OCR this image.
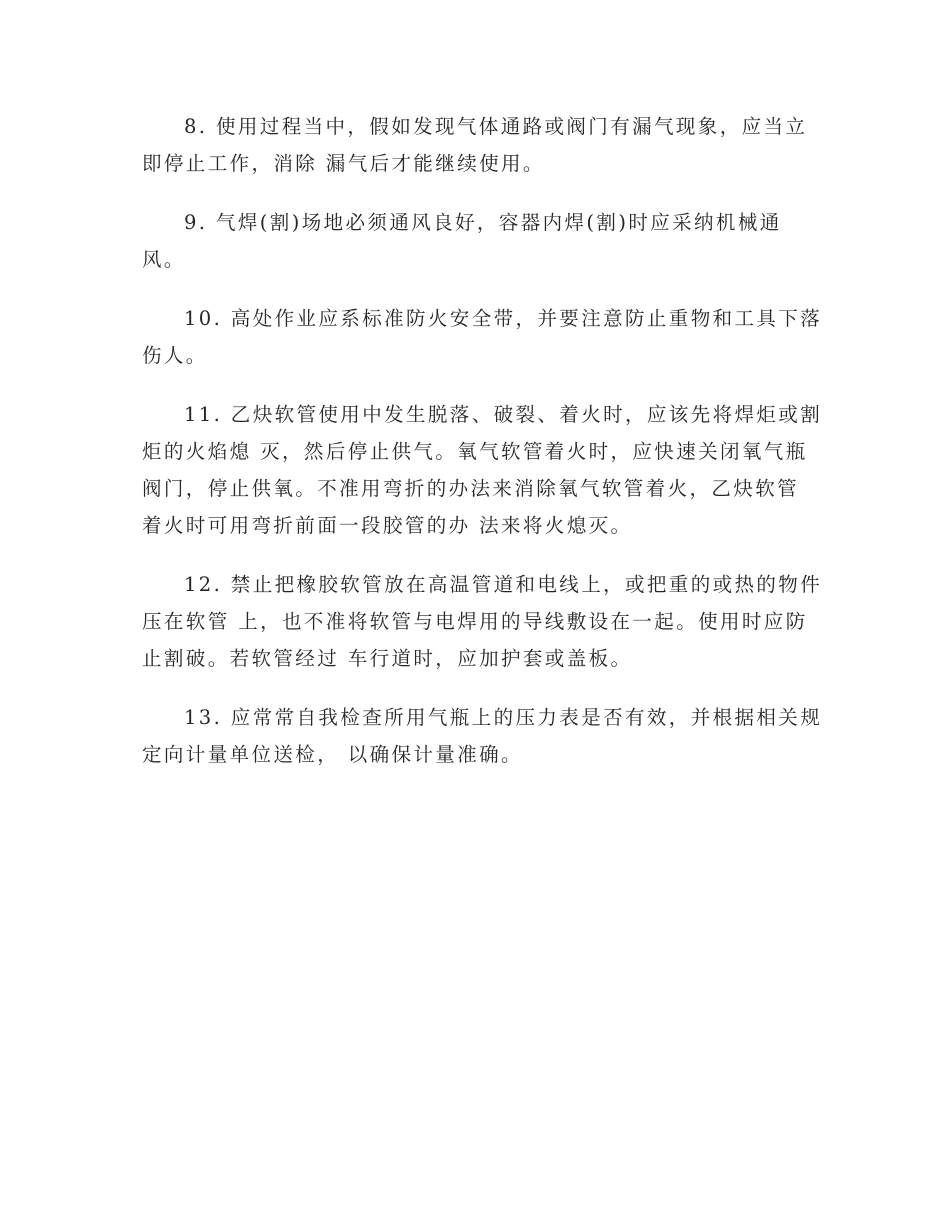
8. 使用过程当中，假如发现气体通路或阀门有漏气现象，应当立
即停止工作，消除 漏气后才能继续使用。

9. 气焊(割)场地必须通风良好，容器内焊(割)时应采纳机械通
风。

10. 高处作业应系标准防火安全带，并要注意防止重物和工具下落
伤人。

11. 乙炔软管使用中发生脱落、破裂、着火时，应该先将焊炬或割
炬的火焰熄 灭，然后停止供气。氧气软管着火时，应快速关闭氧气瓶
阀门，停止供氧。不准用弯折的办法来消除氧气软管着火，乙炔软管
着火时可用弯折前面一段胶管的办 法来将火熄灭。

12. 禁止把橡胶软管放在高温管道和电线上，或把重的或热的物件
压在软管 上，也不准将软管与电焊用的导线敷设在一起。使用时应防
止割破。若软管经过 车行道时，应加护套或盖板。

13. 应常常自我检查所用气瓶上的压力表是否有效，并根据相关规
定向计量单位送检， 以确保计量准确。
